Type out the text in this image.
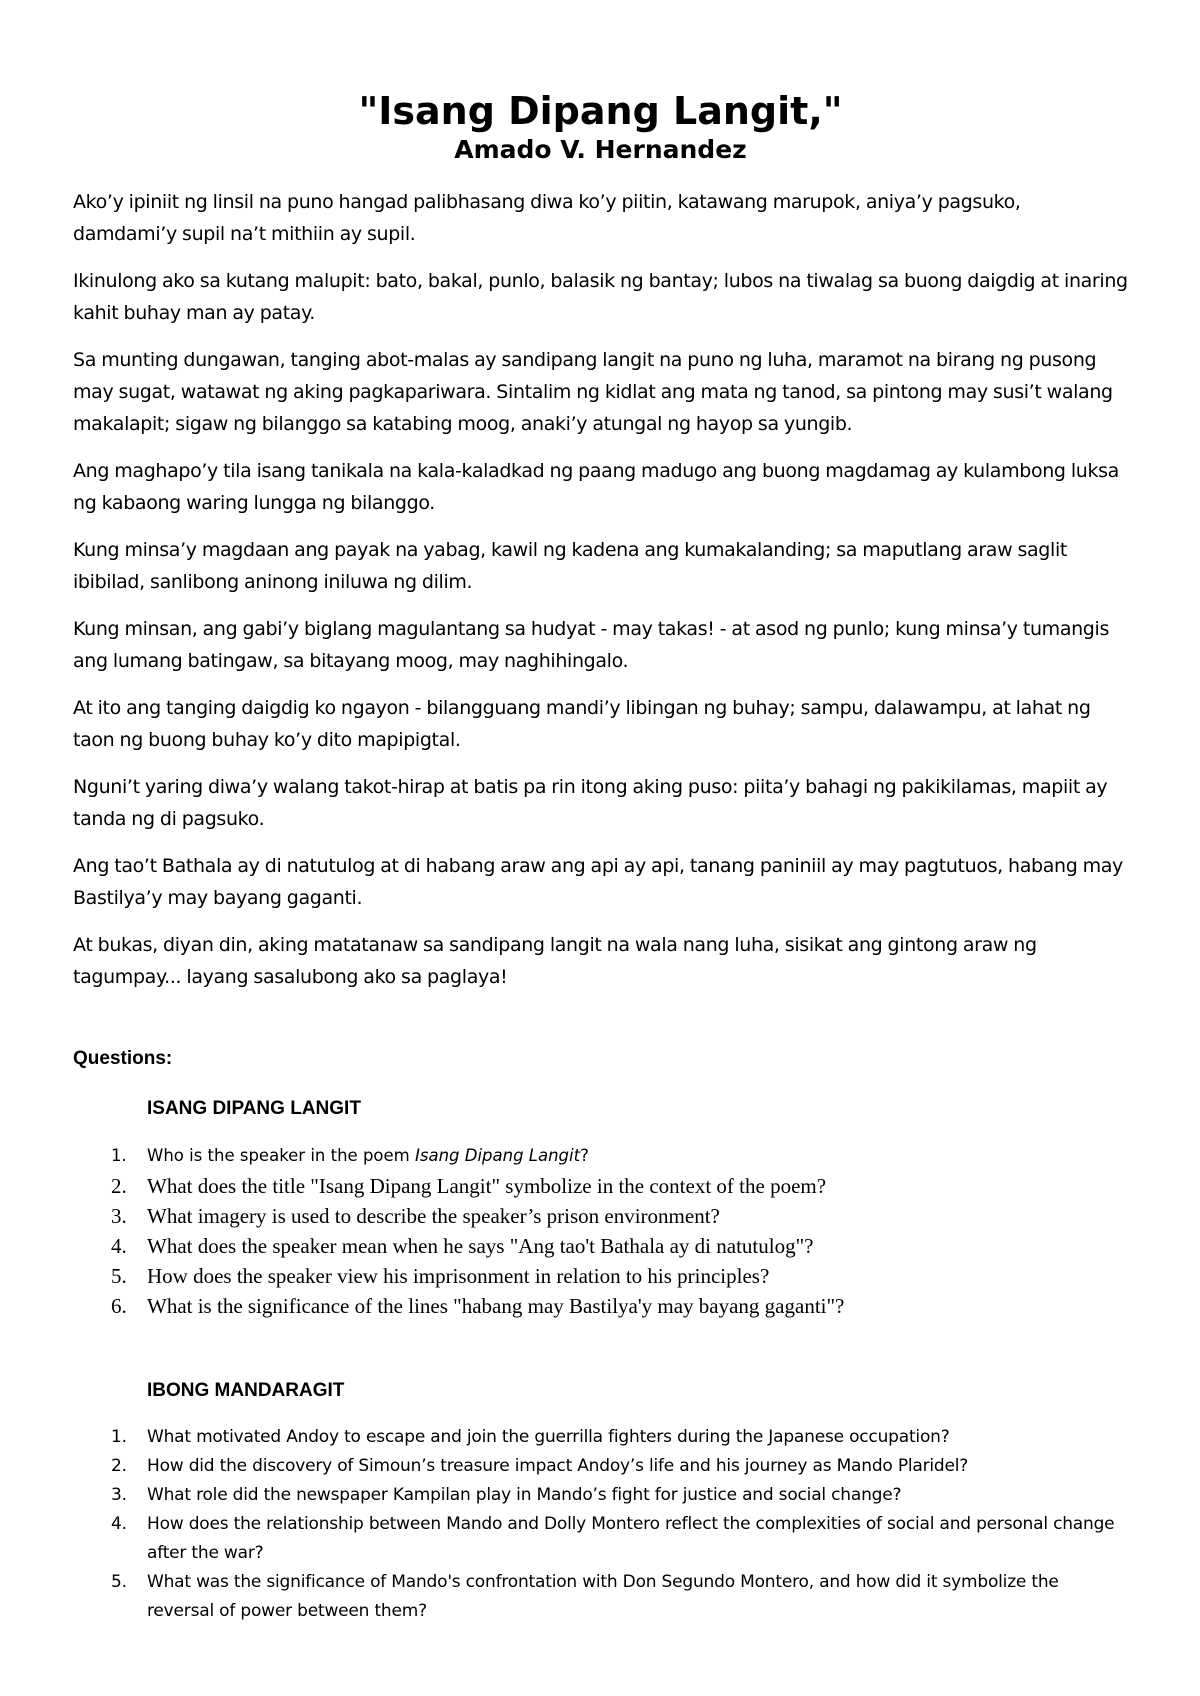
"Isang Dipang Langit,"
Amado V. Hernandez

Ako’y ipiniit ng linsil na puno hangad palibhasang diwa ko’y piitin, katawang marupok, aniya’y pagsuko, damdami’y supil na’t mithiin ay supil.

Ikinulong ako sa kutang malupit: bato, bakal, punlo, balasik ng bantay; lubos na tiwalag sa buong daigdig at inaring kahit buhay man ay patay.

Sa munting dungawan, tanging abot-malas ay sandipang langit na puno ng luha, maramot na birang ng pusong may sugat, watawat ng aking pagkapariwara. Sintalim ng kidlat ang mata ng tanod, sa pintong may susi’t walang makalapit; sigaw ng bilanggo sa katabing moog, anaki’y atungal ng hayop sa yungib.

Ang maghapo’y tila isang tanikala na kala-kaladkad ng paang madugo ang buong magdamag ay kulambong luksa ng kabaong waring lungga ng bilanggo.

Kung minsa’y magdaan ang payak na yabag, kawil ng kadena ang kumakalanding; sa maputlang araw saglit ibibilad, sanlibong aninong iniluwa ng dilim.

Kung minsan, ang gabi’y biglang magulantang sa hudyat - may takas! - at asod ng punlo; kung minsa’y tumangis ang lumang batingaw, sa bitayang moog, may naghihingalo.

At ito ang tanging daigdig ko ngayon - bilangguang mandi’y libingan ng buhay; sampu, dalawampu, at lahat ng taon ng buong buhay ko’y dito mapipigtal.

Nguni’t yaring diwa’y walang takot-hirap at batis pa rin itong aking puso: piita’y bahagi ng pakikilamas, mapiit ay tanda ng di pagsuko.

Ang tao’t Bathala ay di natutulog at di habang araw ang api ay api, tanang paniniil ay may pagtutuos, habang may Bastilya’y may bayang gaganti.

At bukas, diyan din, aking matatanaw sa sandipang langit na wala nang luha, sisikat ang gintong araw ng tagumpay... layang sasalubong ako sa paglaya!

Questions:
ISANG DIPANG LANGIT
1. Who is the speaker in the poem Isang Dipang Langit?
2. What does the title "Isang Dipang Langit" symbolize in the context of the poem?
3. What imagery is used to describe the speaker’s prison environment?
4. What does the speaker mean when he says "Ang tao't Bathala ay di natutulog"?
5. How does the speaker view his imprisonment in relation to his principles?
6. What is the significance of the lines "habang may Bastilya'y may bayang gaganti"?
IBONG MANDARAGIT
1. What motivated Andoy to escape and join the guerrilla fighters during the Japanese occupation?
2. How did the discovery of Simoun’s treasure impact Andoy’s life and his journey as Mando Plaridel?
3. What role did the newspaper Kampilan play in Mando’s fight for justice and social change?
4. How does the relationship between Mando and Dolly Montero reflect the complexities of social and personal change after the war?
5. What was the significance of Mando's confrontation with Don Segundo Montero, and how did it symbolize the reversal of power between them?
